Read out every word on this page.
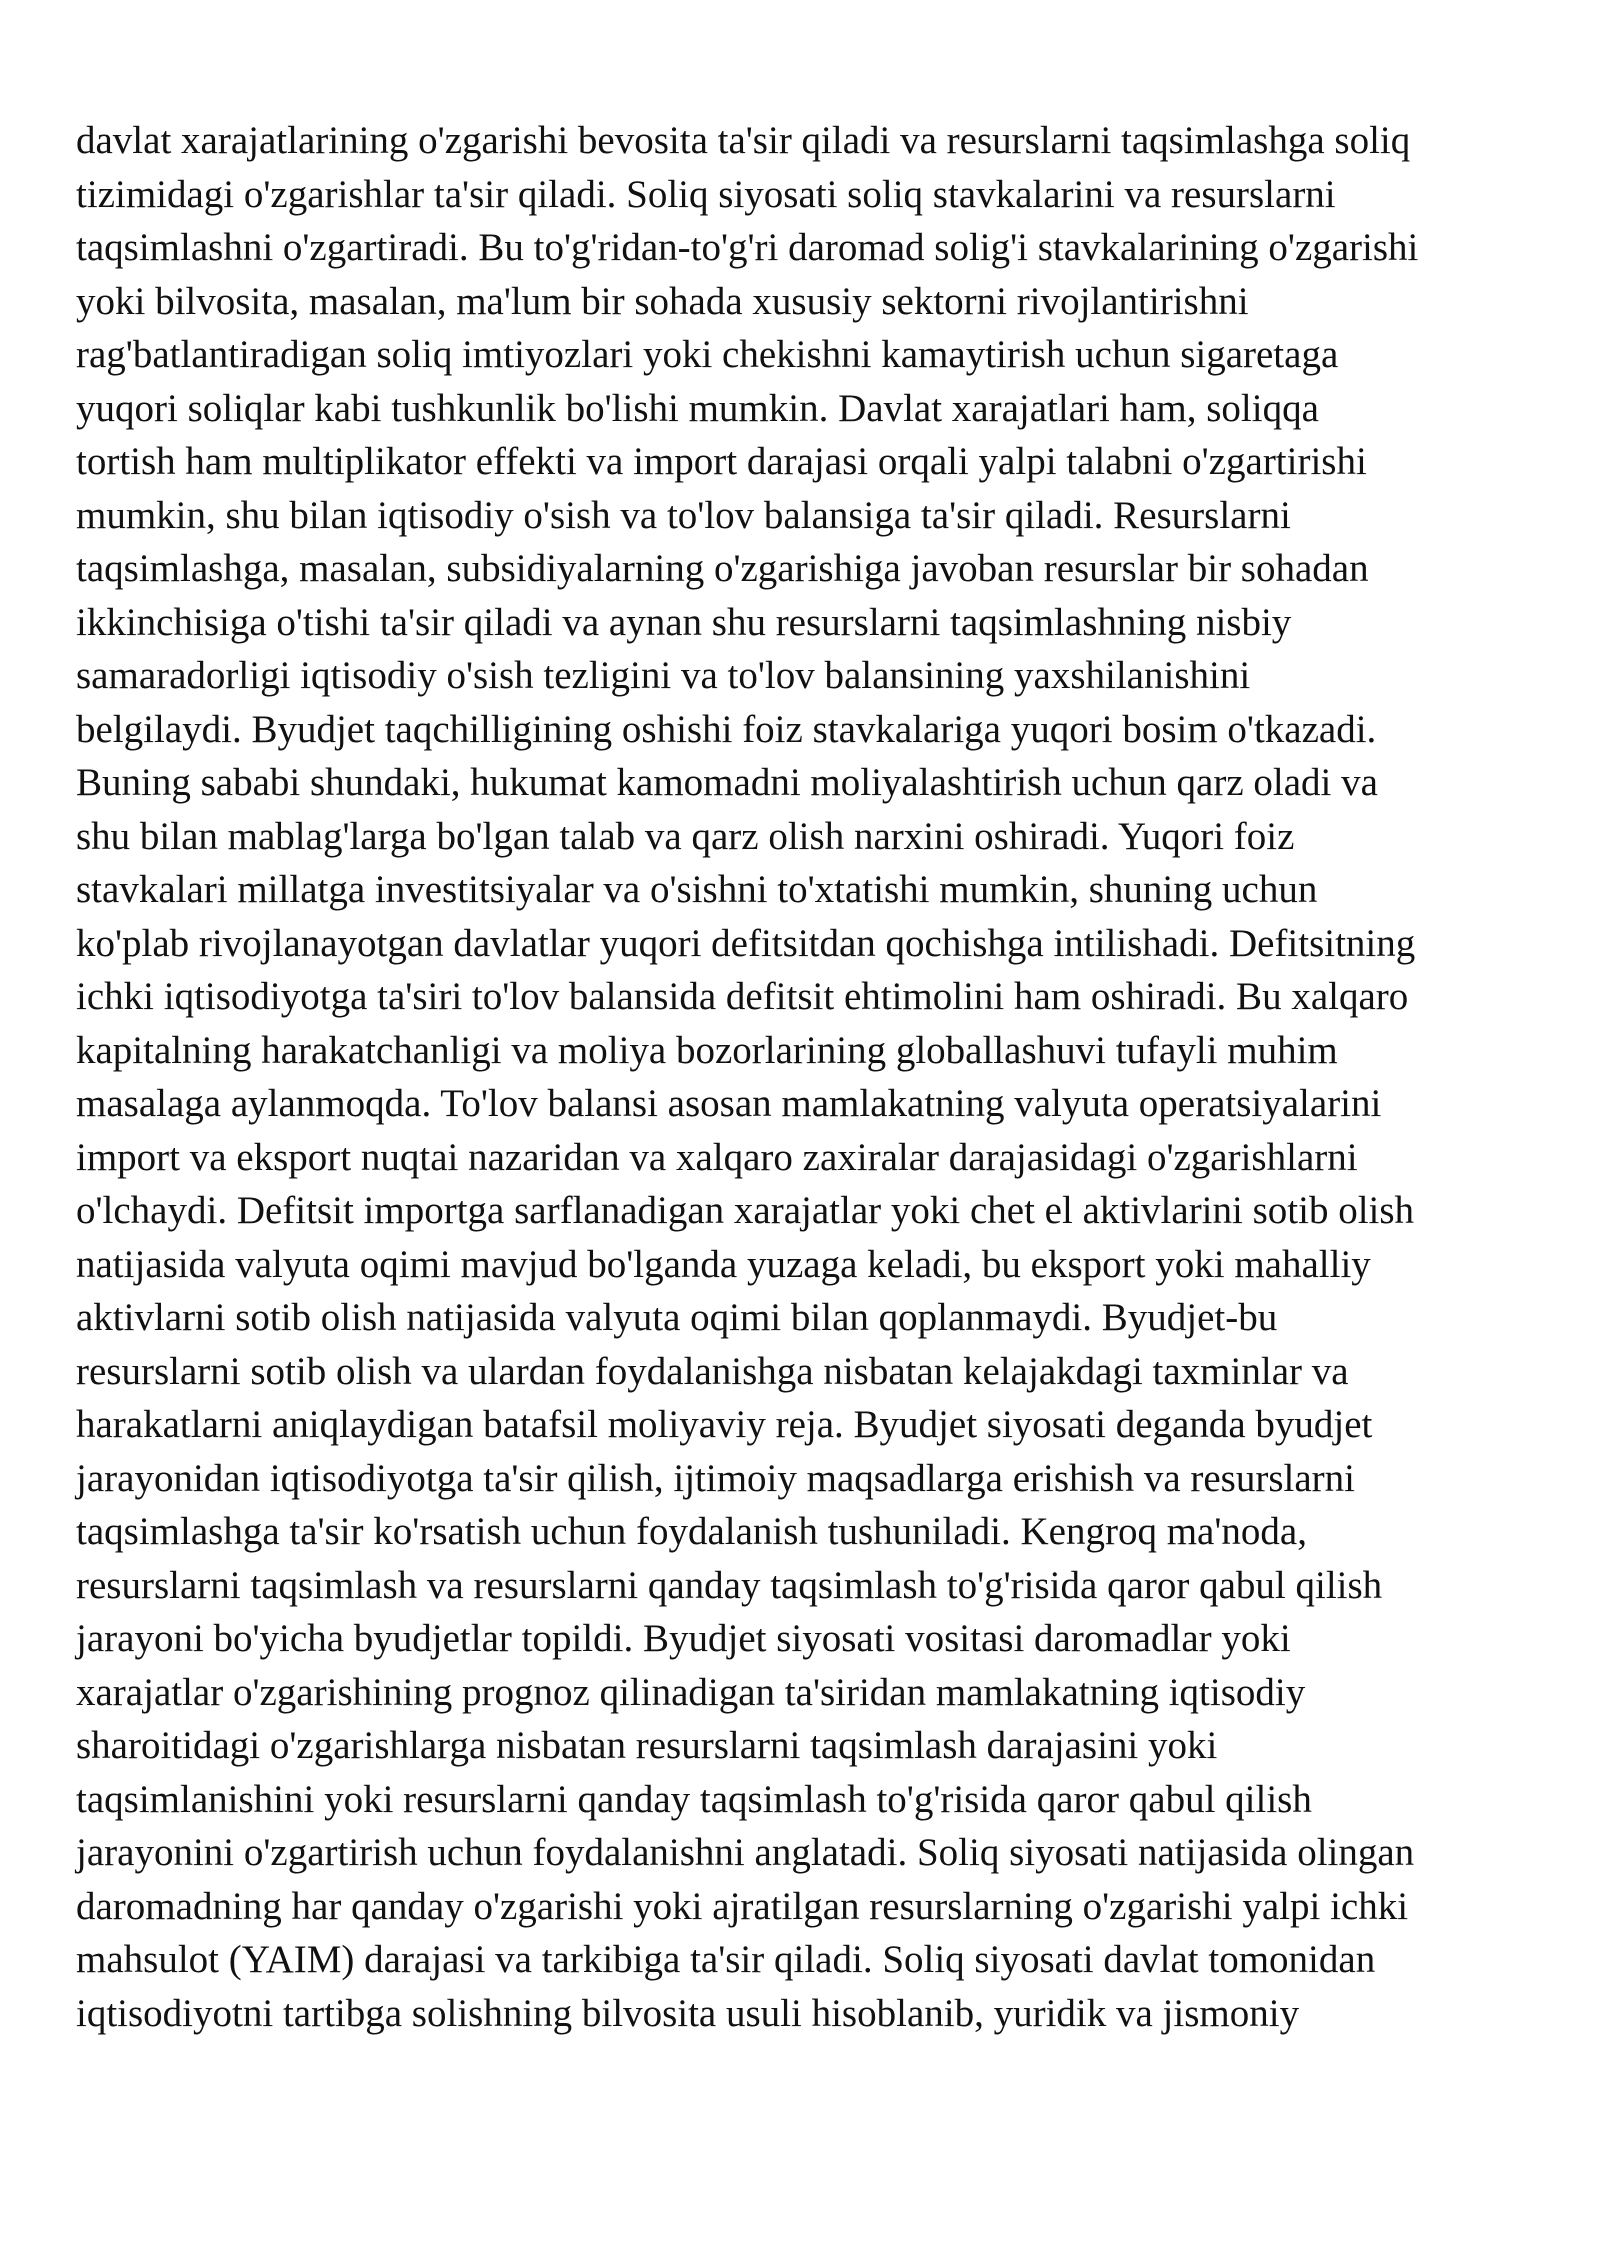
davlat xarajatlarining o'zgarishi bevosita ta'sir qiladi va resurslarni taqsimlashga soliq
tizimidagi o'zgarishlar ta'sir qiladi. Soliq siyosati soliq stavkalarini va resurslarni
taqsimlashni o'zgartiradi. Bu to'g'ridan-to'g'ri daromad solig'i stavkalarining o'zgarishi
yoki bilvosita, masalan, ma'lum bir sohada xususiy sektorni rivojlantirishni
rag'batlantiradigan soliq imtiyozlari yoki chekishni kamaytirish uchun sigaretaga
yuqori soliqlar kabi tushkunlik bo'lishi mumkin. Davlat xarajatlari ham, soliqqa
tortish ham multiplikator effekti va import darajasi orqali yalpi talabni o'zgartirishi
mumkin, shu bilan iqtisodiy o'sish va to'lov balansiga ta'sir qiladi. Resurslarni
taqsimlashga, masalan, subsidiyalarning o'zgarishiga javoban resurslar bir sohadan
ikkinchisiga o'tishi ta'sir qiladi va aynan shu resurslarni taqsimlashning nisbiy
samaradorligi iqtisodiy o'sish tezligini va to'lov balansining yaxshilanishini
belgilaydi. Byudjet taqchilligining oshishi foiz stavkalariga yuqori bosim o'tkazadi.
Buning sababi shundaki, hukumat kamomadni moliyalashtirish uchun qarz oladi va
shu bilan mablag'larga bo'lgan talab va qarz olish narxini oshiradi. Yuqori foiz
stavkalari millatga investitsiyalar va o'sishni to'xtatishi mumkin, shuning uchun
ko'plab rivojlanayotgan davlatlar yuqori defitsitdan qochishga intilishadi. Defitsitning
ichki iqtisodiyotga ta'siri to'lov balansida defitsit ehtimolini ham oshiradi. Bu xalqaro
kapitalning harakatchanligi va moliya bozorlarining globallashuvi tufayli muhim
masalaga aylanmoqda. To'lov balansi asosan mamlakatning valyuta operatsiyalarini
import va eksport nuqtai nazaridan va xalqaro zaxiralar darajasidagi o'zgarishlarni
o'lchaydi. Defitsit importga sarflanadigan xarajatlar yoki chet el aktivlarini sotib olish
natijasida valyuta oqimi mavjud bo'lganda yuzaga keladi, bu eksport yoki mahalliy
aktivlarni sotib olish natijasida valyuta oqimi bilan qoplanmaydi. Byudjet-bu
resurslarni sotib olish va ulardan foydalanishga nisbatan kelajakdagi taxminlar va
harakatlarni aniqlaydigan batafsil moliyaviy reja. Byudjet siyosati deganda byudjet
jarayonidan iqtisodiyotga ta'sir qilish, ijtimoiy maqsadlarga erishish va resurslarni
taqsimlashga ta'sir ko'rsatish uchun foydalanish tushuniladi. Kengroq ma'noda,
resurslarni taqsimlash va resurslarni qanday taqsimlash to'g'risida qaror qabul qilish
jarayoni bo'yicha byudjetlar topildi. Byudjet siyosati vositasi daromadlar yoki
xarajatlar o'zgarishining prognoz qilinadigan ta'siridan mamlakatning iqtisodiy
sharoitidagi o'zgarishlarga nisbatan resurslarni taqsimlash darajasini yoki
taqsimlanishini yoki resurslarni qanday taqsimlash to'g'risida qaror qabul qilish
jarayonini o'zgartirish uchun foydalanishni anglatadi. Soliq siyosati natijasida olingan
daromadning har qanday o'zgarishi yoki ajratilgan resurslarning o'zgarishi yalpi ichki
mahsulot (YAIM) darajasi va tarkibiga ta'sir qiladi. Soliq siyosati davlat tomonidan
iqtisodiyotni tartibga solishning bilvosita usuli hisoblanib, yuridik va jismoniy
